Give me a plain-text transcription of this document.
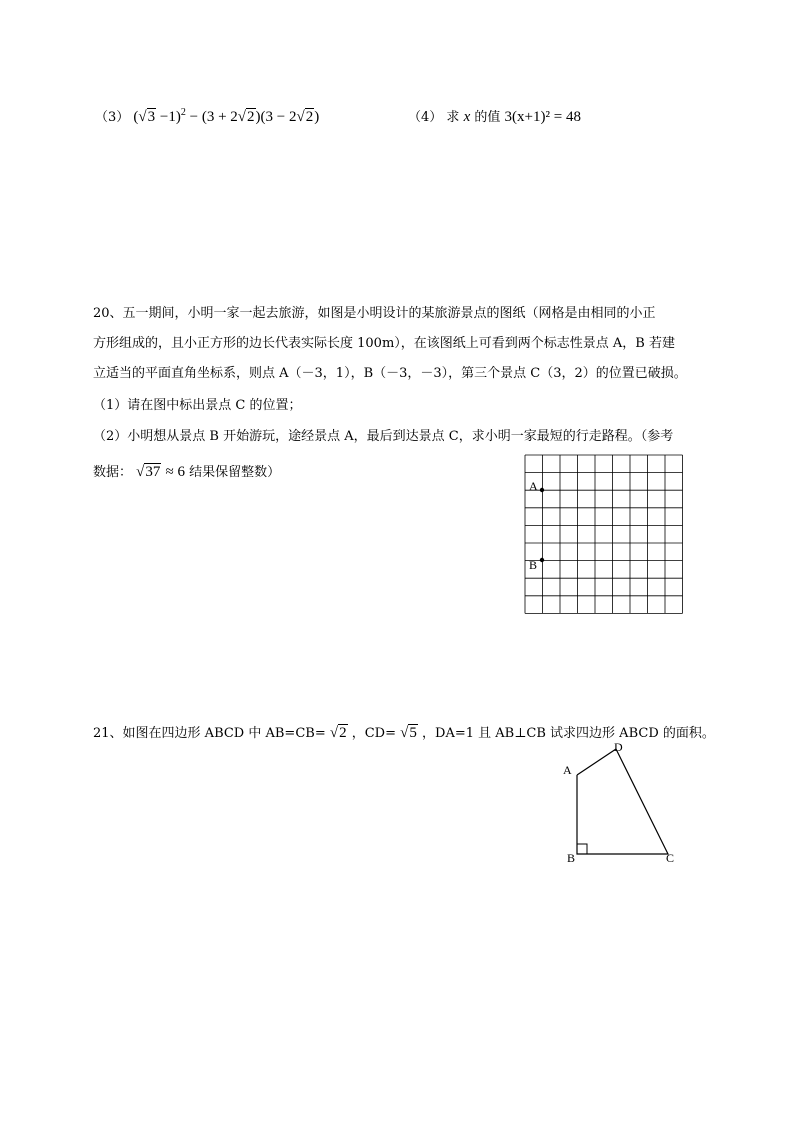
（3） $(√3 -1)^2 - (3 + 2√2)(3 - 2√2)$	（4） 求 x 的值 3(x+1)² = 48
20、五一期间，小明一家一起去旅游，如图是小明设计的某旅游景点的图纸（网格是由相同的小正
方形组成的，且小正方形的边长代表实际长度 100m），在该图纸上可看到两个标志性景点 A，B 若建
立适当的平面直角坐标系，则点 A（－3，1），B（－3，－3），第三个景点 C（3，2）的位置已破损。
（1）请在图中标出景点 C 的位置；
（2）小明想从景点 B 开始游玩，途经景点 A，最后到达景点 C，求小明一家最短的行走路程。（参考
数据： √37 ≈ 6 结果保留整数）
A
B
21、如图在四边形 ABCD 中 AB=CB= √2 ，CD= √5 ，DA=1 且 AB⊥CB 试求四边形 ABCD 的面积。
A
B	C
D
